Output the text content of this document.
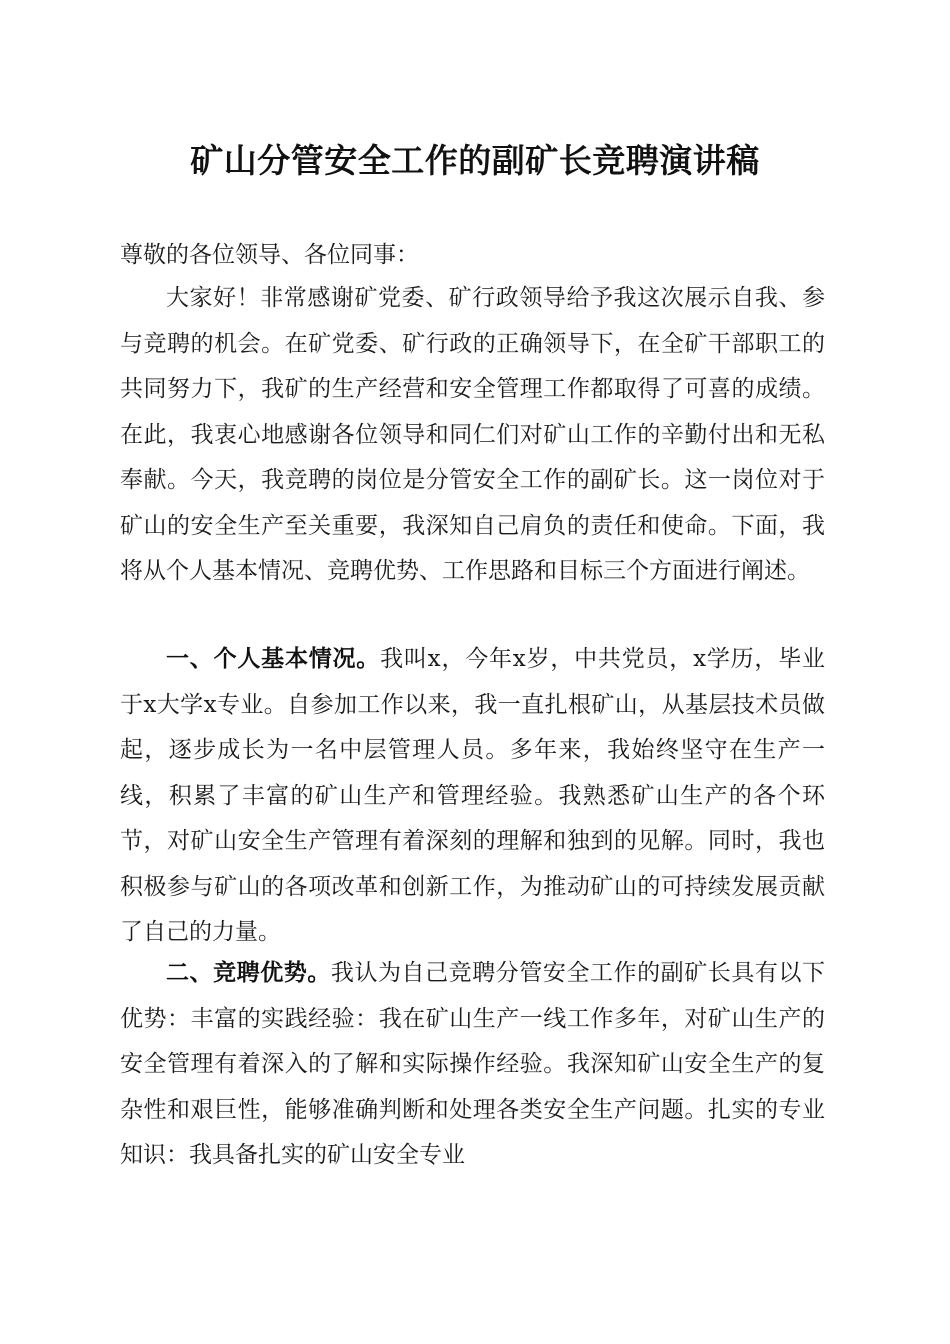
矿山分管安全工作的副矿长竞聘演讲稿
尊敬的各位领导、各位同事：

大家好！非常感谢矿党委、矿行政领导给予我这次展示自我、参与竞聘的机会。在矿党委、矿行政的正确领导下，在全矿干部职工的共同努力下，我矿的生产经营和安全管理工作都取得了可喜的成绩。在此，我衷心地感谢各位领导和同仁们对矿山工作的辛勤付出和无私奉献。今天，我竞聘的岗位是分管安全工作的副矿长。这一岗位对于矿山的安全生产至关重要，我深知自己肩负的责任和使命。下面，我将从个人基本情况、竞聘优势、工作思路和目标三个方面进行阐述。

一、个人基本情况。我叫x，今年x岁，中共党员，x学历，毕业于x大学x专业。自参加工作以来，我一直扎根矿山，从基层技术员做起，逐步成长为一名中层管理人员。多年来，我始终坚守在生产一线，积累了丰富的矿山生产和管理经验。我熟悉矿山生产的各个环节，对矿山安全生产管理有着深刻的理解和独到的见解。同时，我也积极参与矿山的各项改革和创新工作，为推动矿山的可持续发展贡献了自己的力量。

二、竞聘优势。我认为自己竞聘分管安全工作的副矿长具有以下优势：丰富的实践经验：我在矿山生产一线工作多年，对矿山生产的安全管理有着深入的了解和实际操作经验。我深知矿山安全生产的复杂性和艰巨性，能够准确判断和处理各类安全生产问题。扎实的专业知识：我具备扎实的矿山安全专业
